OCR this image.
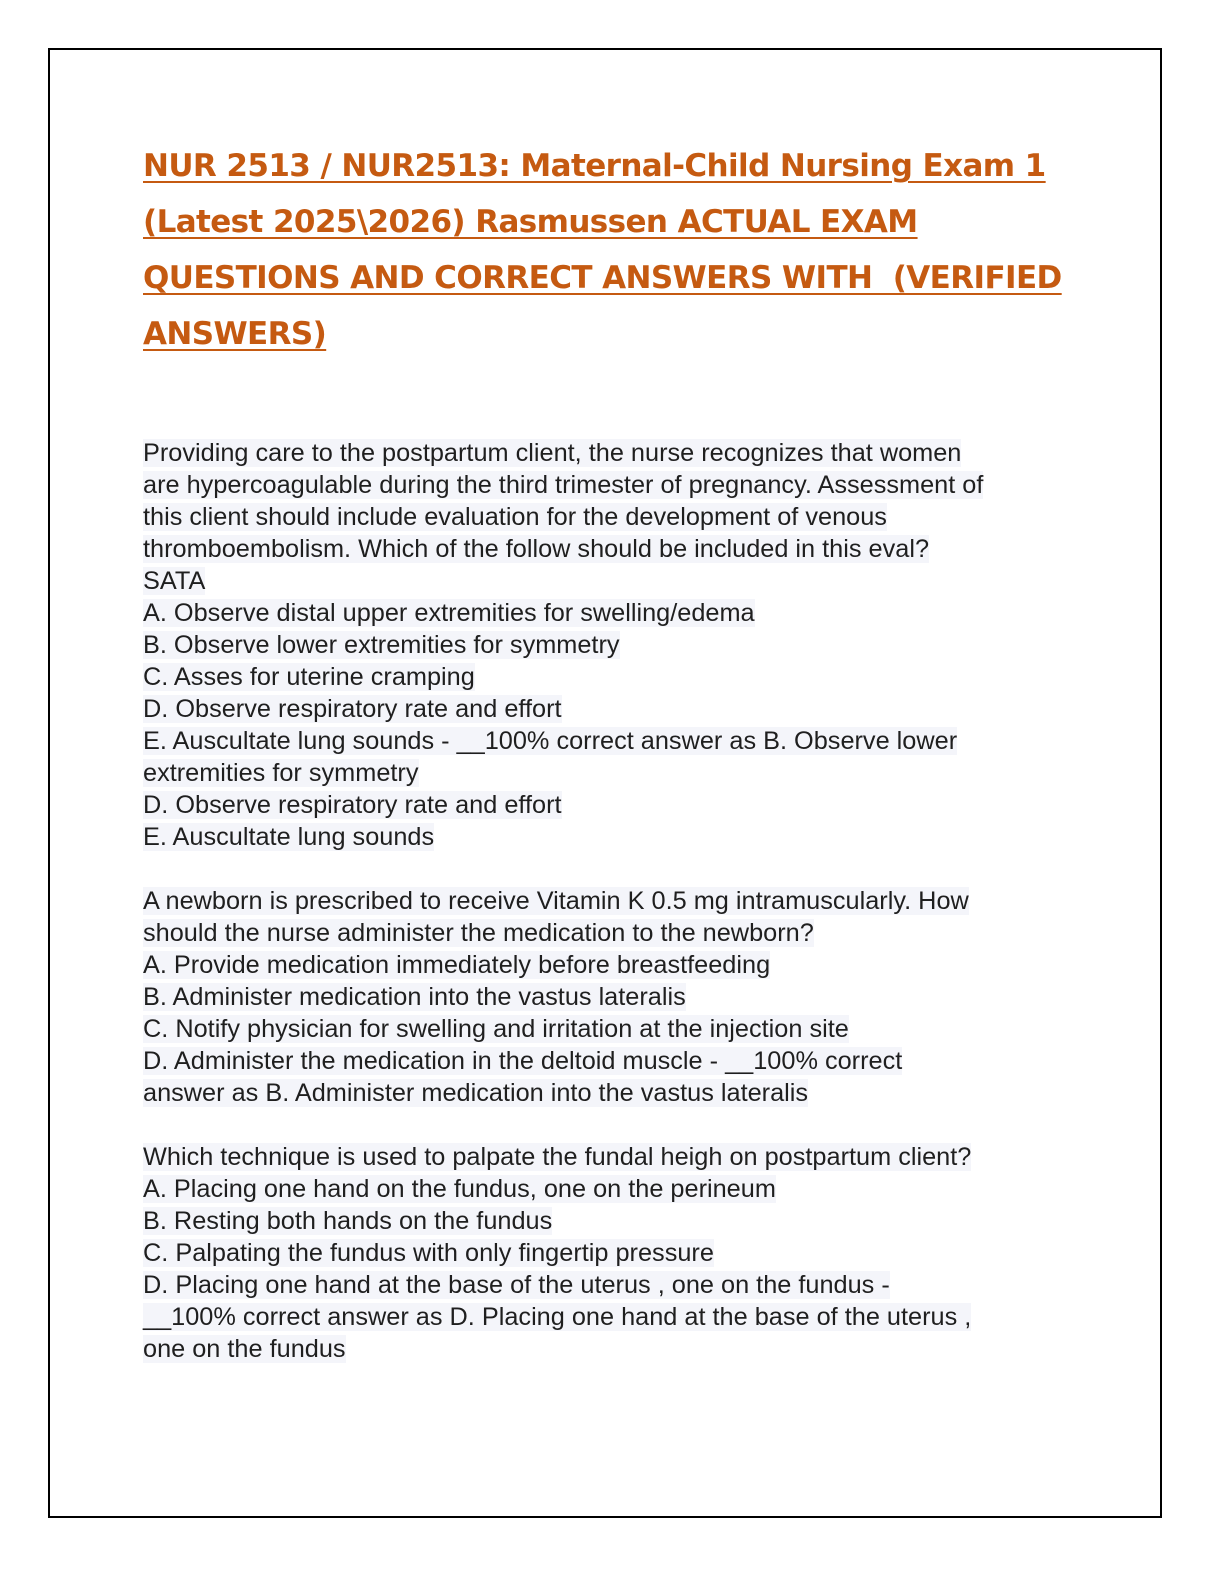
NUR 2513 / NUR2513: Maternal-Child Nursing Exam 1
(Latest 2025\2026) Rasmussen ACTUAL EXAM
QUESTIONS AND CORRECT ANSWERS WITH  (VERIFIED
ANSWERS)
Providing care to the postpartum client, the nurse recognizes that women
are hypercoagulable during the third trimester of pregnancy. Assessment of
this client should include evaluation for the development of venous
thromboembolism. Which of the follow should be included in this eval?
SATA
A. Observe distal upper extremities for swelling/edema
B. Observe lower extremities for symmetry
C. Asses for uterine cramping
D. Observe respiratory rate and effort
E. Auscultate lung sounds - __100% correct answer as B. Observe lower
extremities for symmetry
D. Observe respiratory rate and effort
E. Auscultate lung sounds
A newborn is prescribed to receive Vitamin K 0.5 mg intramuscularly. How
should the nurse administer the medication to the newborn?
A. Provide medication immediately before breastfeeding
B. Administer medication into the vastus lateralis
C. Notify physician for swelling and irritation at the injection site
D. Administer the medication in the deltoid muscle - __100% correct
answer as B. Administer medication into the vastus lateralis
Which technique is used to palpate the fundal heigh on postpartum client?
A. Placing one hand on the fundus, one on the perineum
B. Resting both hands on the fundus
C. Palpating the fundus with only fingertip pressure
D. Placing one hand at the base of the uterus , one on the fundus -
__100% correct answer as D. Placing one hand at the base of the uterus ,
one on the fundus
